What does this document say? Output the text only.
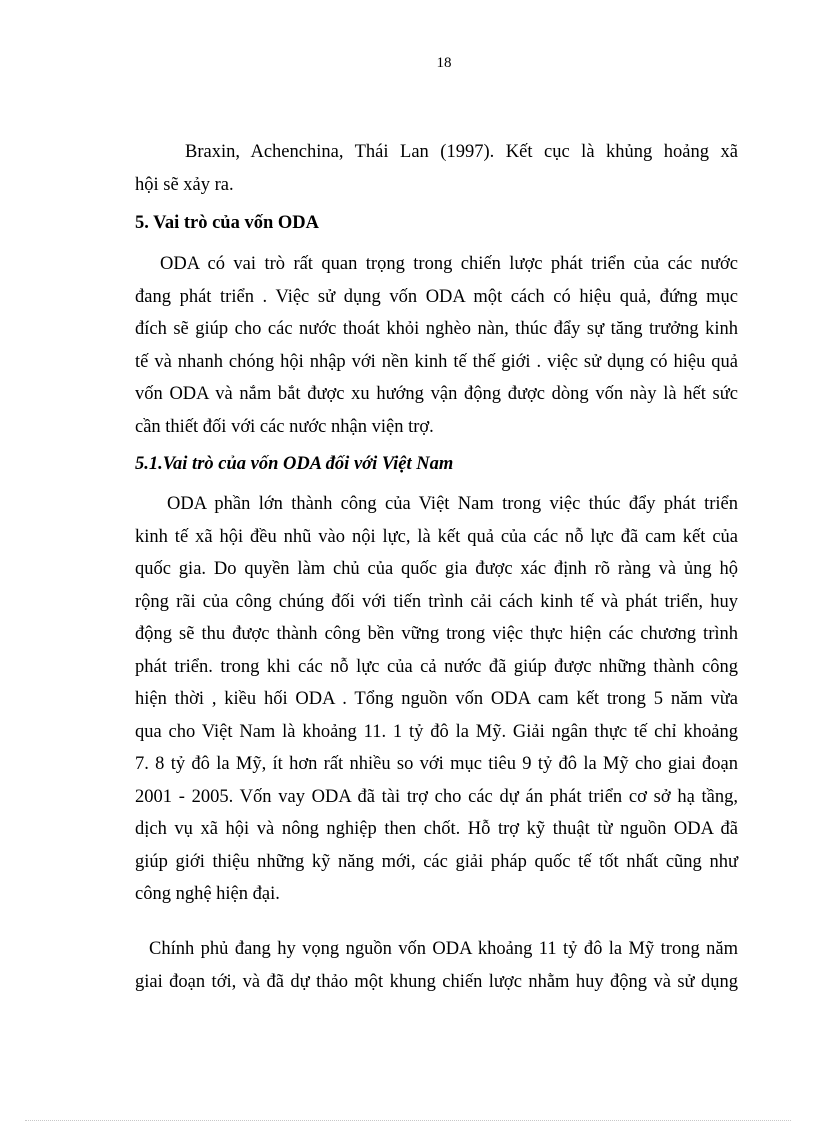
18
Braxin, Achenchina, Thái Lan (1997). Kết cục là khủng hoảng xã
hội sẽ xảy ra.
5. Vai trò của vốn ODA
ODA có vai trò rất quan trọng trong chiến lược phát triển của các nước
đang phát triển . Việc sử dụng vốn ODA một cách có hiệu quả, đứng mục
đích sẽ giúp cho các nước thoát khỏi nghèo nàn, thúc đẩy sự tăng trưởng kinh
tế và nhanh chóng hội nhập với nền kinh tế thế giới . việc sử dụng có hiệu quả
vốn ODA và nắm bắt được xu hướng vận động được dòng vốn này là hết sức
cần thiết đối với các nước nhận viện trợ.
5.1.Vai trò của vốn ODA đối với Việt Nam
ODA phần lớn thành công của Việt Nam trong việc thúc đẩy phát triển
kinh tế xã hội đều nhũ vào nội lực, là kết quả của các nỗ lực đã cam kết của
quốc gia. Do quyền làm chủ của quốc gia được xác định rõ ràng và ủng hộ
rộng rãi của công chúng đối với tiến trình cải cách kinh tế và phát triển, huy
động sẽ thu được thành công bền vững trong việc thực hiện các chương trình
phát triển. trong khi các nỗ lực của cả nước đã giúp được những thành công
hiện thời , kiều hối ODA . Tổng nguồn vốn ODA cam kết trong 5 năm vừa
qua cho Việt Nam là khoảng 11. 1 tỷ đô la Mỹ. Giải ngân thực tế chỉ khoảng
7. 8 tỷ đô la Mỹ, ít hơn rất nhiều so với mục tiêu 9 tỷ đô la Mỹ cho giai đoạn
2001 - 2005. Vốn vay ODA đã tài trợ cho các dự án phát triển cơ sở hạ tầng,
dịch vụ xã hội và nông nghiệp then chốt. Hỗ trợ kỹ thuật từ nguồn ODA đã
giúp giới thiệu những kỹ năng mới, các giải pháp quốc tế tốt nhất cũng như
công nghệ hiện đại.
Chính phủ đang hy vọng nguồn vốn ODA khoảng 11 tỷ đô la Mỹ trong năm
giai đoạn tới, và đã dự thảo một khung chiến lược nhằm huy động và sử dụng
